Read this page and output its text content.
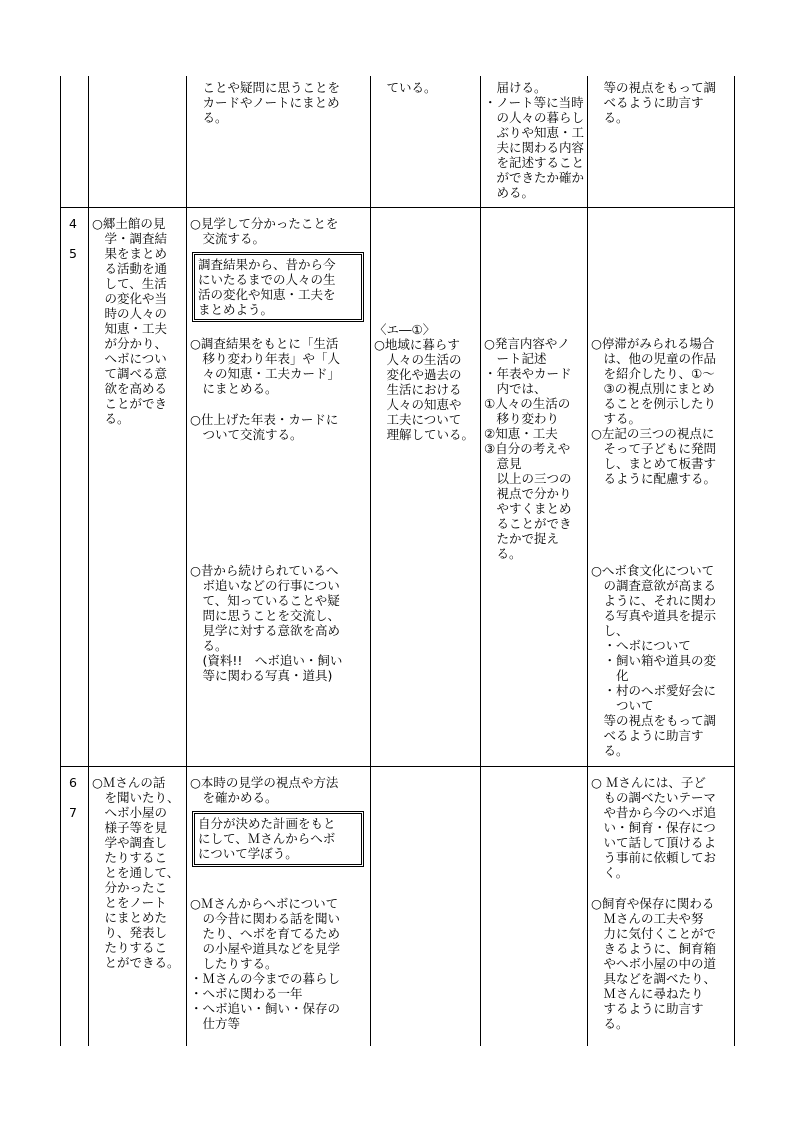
　ことや疑問に思うことを
　カードやノートにまとめ
　る。
　ている。	　届ける。
・ノート等に当時
　の人々の暮らし
　ぶりや知恵・工
　夫に関わる内容
　を記述すること
　ができたか確か
　める。
　等の視点をもって調
　べるように助言す
　る。
4
5
○郷土館の見
　学・調査結
　果をまとめ
　る活動を通
　して、生活
　の変化や当
　時の人々の
　知恵・工夫
　が分かり、
　へボについ
　て調べる意
　欲を高める
　ことができ
　る。
○見学して分かったことを
　交流する。
調査結果から、昔から今
にいたるまでの人々の生
活の変化や知恵・工夫を
まとめよう。
○調査結果をもとに「生活
　移り変わり年表」や「人
　々の知恵・工夫カード」
　にまとめる。
○仕上げた年表・カードに
　ついて交流する。
○昔から続けられているへ
　ボ追いなどの行事につい
　て、知っていることや疑
　問に思うことを交流し、
　見学に対する意欲を高め
　る。
　(資料!!　へボ追い・飼い
　等に関わる写真・道具)
〈エ―①〉
○地域に暮らす
　人々の生活の
　変化や過去の
　生活における
　人々の知恵や
　工夫について
　理解している。
○発言内容やノ
　ート記述
・年表やカード
　内では、
①人々の生活の
　移り変わり
②知恵・工夫
③自分の考えや
　意見
　以上の三つの
　視点で分かり
　やすくまとめ
　ることができ
　たかで捉え
　る。
○停滞がみられる場合
　は、他の児童の作品
　を紹介したり、①～
　③の視点別にまとめ
　ることを例示したり
　する。
○左記の三つの視点に
　そって子どもに発問
　し、まとめて板書す
　るように配慮する。
○へボ食文化について
　の調査意欲が高まる
　ように、それに関わ
　る写真や道具を提示
　し、
　・へボについて
　・飼い箱や道具の変
　　化
　・村のへボ愛好会に
　　ついて
　等の視点をもって調
　べるように助言す
　る。
6
7
○Ｍさんの話
　を聞いたり、
　へボ小屋の
　様子等を見
　学や調査し
　たりするこ
　とを通して、
　分かったこ
　とをノート
　にまとめた
　り、発表し
　たりするこ
　とができる。
○本時の見学の視点や方法
　を確かめる。
自分が決めた計画をもと
にして、Ｍさんからへボ
について学ぼう。
○Ｍさんからへボについて
　の今昔に関わる話を聞い
　たり、へボを育てるため
　の小屋や道具などを見学
　したりする。
・Ｍさんの今までの暮らし
・へボに関わる一年
・へボ追い・飼い・保存の
　仕方等
○ Ｍさんには、子ど
　もの調べたいテーマ
　や昔から今のへボ追
　い・飼育・保存につ
　いて話して頂けるよ
　う事前に依頼してお
　く。
○飼育や保存に関わる
　Ｍさんの工夫や努
　力に気付くことがで
　きるように、飼育箱
　やへボ小屋の中の道
　具などを調べたり、
　Ｍさんに尋ねたり
　するように助言す
　る。
